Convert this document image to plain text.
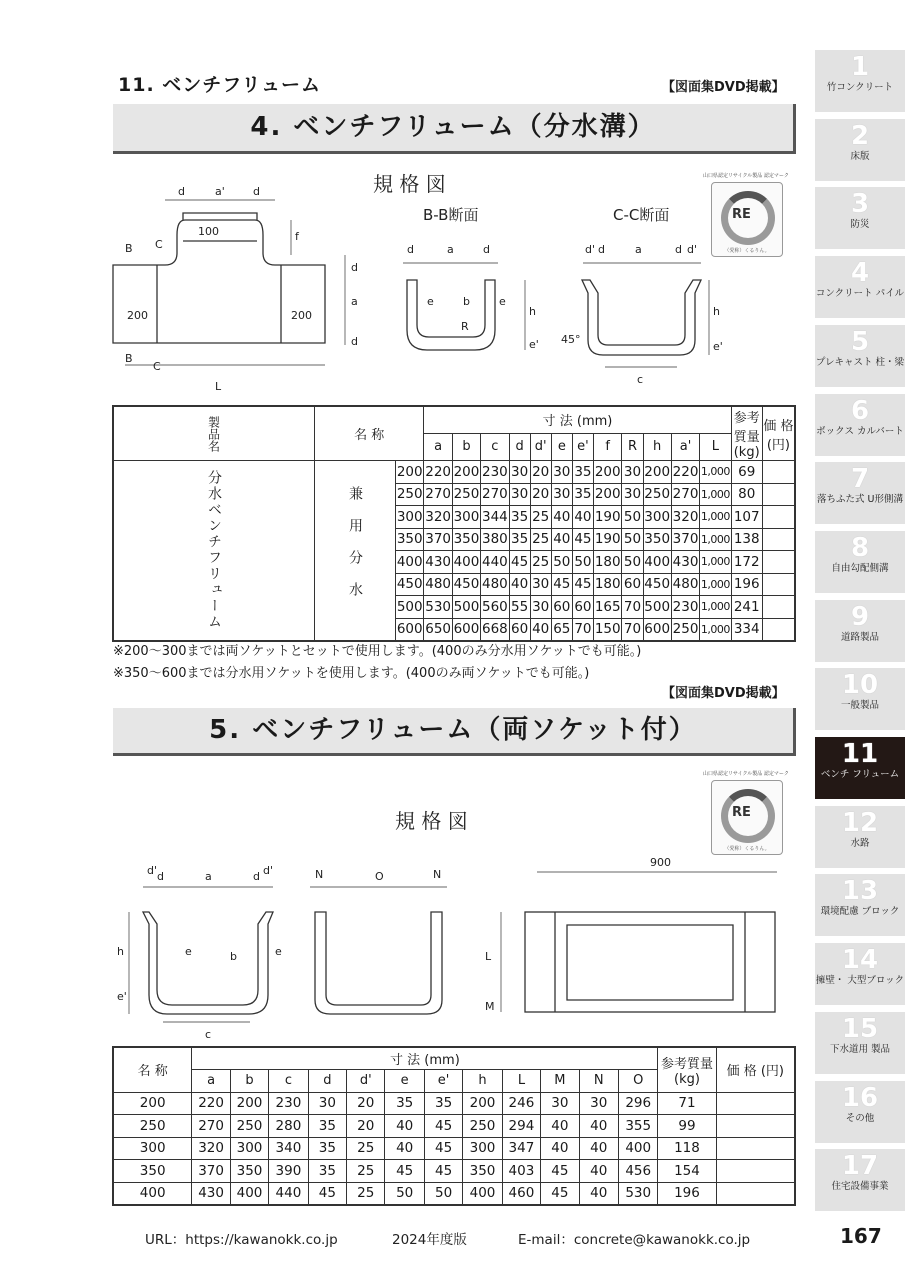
11. ベンチフリューム	【図面集DVD掲載】
4. ベンチフリューム（分水溝）
規 格 図
B-B断面	C-C断面
d	a'	d
100	f
B C
200	200
d
a
d
B
C
L
d	a	d
e	b	e
R
h
e'
d' d	a	d d'
h
e'
45°
c
山口県認定リサイクル製品 認定マーク
RE
（愛称）くるりん。
製品名	名 称		寸 法 (mm)												参考質量 (kg)	価 格 (円)
			a	b	c	d	d'	e	e'	f	R	h	a'	L		
分水ベンチフリューム	兼用分水	200	220	200	230	30	20	30	35	200	30	200	220	1,000	69	
		250	270	250	270	30	20	30	35	200	30	250	270	1,000	80	
		300	320	300	344	35	25	40	40	190	50	300	320	1,000	107	
		350	370	350	380	35	25	40	45	190	50	350	370	1,000	138	
		400	430	400	440	45	25	50	50	180	50	400	430	1,000	172	
		450	480	450	480	40	30	45	45	180	60	450	480	1,000	196	
		500	530	500	560	55	30	60	60	165	70	500	230	1,000	241	
		600	650	600	668	60	40	65	70	150	70	600	250	1,000	334	
※200〜300までは両ソケットとセットで使用します。(400のみ分水用ソケットでも可能。)
※350〜600までは分水用ソケットを使用します。(400のみ両ソケットでも可能。)
【図面集DVD掲載】
5. ベンチフリューム（両ソケット付）
規 格 図
d' d	a	d d'
h	e	b	e
e'
c
N	O	N
900
L
M
山口県認定リサイクル製品 認定マーク
RE
（愛称）くるりん。
名 称	寸 法 (mm)												参考質量 (kg)	価 格 (円)
	a	b	c	d	d'	e	e'	h	L	M	N	O		
200	220	200	230	30	20	35	35	200	246	30	30	296	71	
250	270	250	280	35	20	40	45	250	294	40	40	355	99	
300	320	300	340	35	25	40	45	300	347	40	40	400	118	
350	370	350	390	35	25	45	45	350	403	45	40	456	154	
400	430	400	440	45	25	50	50	400	460	45	40	530	196	
1
竹コンクリート
2
床版
3
防災
4
コンクリート パイル
5
プレキャスト 柱・梁
6
ボックス カルバート
7
落ちふた式 U形側溝
8
自由勾配側溝
9
道路製品
10
一般製品
11
ベンチ フリューム
12
水路
13
環境配慮 ブロック
14
擁壁・ 大型ブロック
15
下水道用 製品
16
その他
17
住宅設備事業
URL：https://kawanokk.co.jp	2024年度版	E-mail：concrete@kawanokk.co.jp	167
